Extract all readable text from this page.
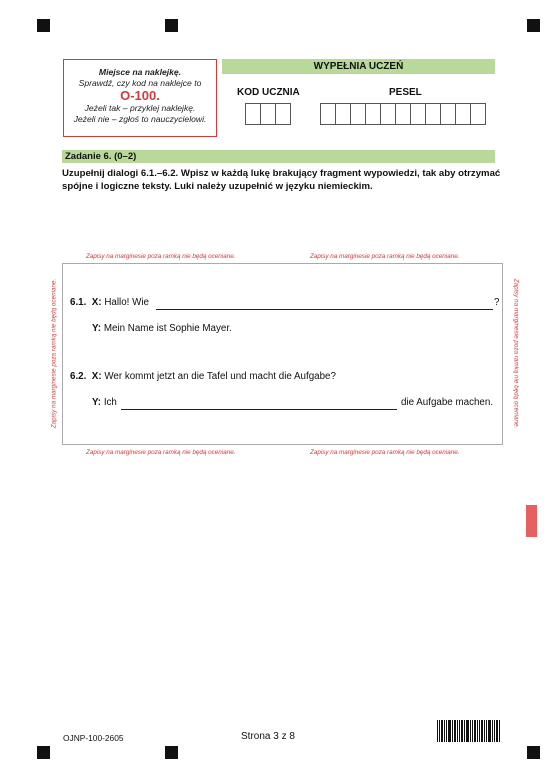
Miejsce na naklejkę.
Sprawdź, czy kod na naklejce to
O-100.
Jeżeli tak – przyklej naklejkę.
Jeżeli nie – zgłoś to nauczycielowi.
WYPEŁNIA UCZEŃ
KOD UCZNIA	PESEL
Zadanie 6. (0–2)
Uzupełnij dialogi 6.1.–6.2. Wpisz w każdą lukę brakujący fragment wypowiedzi, tak aby otrzymać spójne i logiczne teksty. Luki należy uzupełnić w języku niemieckim.
Zapisy na marginesie poza ramką nie będą oceniane.	Zapisy na marginesie poza ramką nie będą oceniane.
Zapisy na marginesie poza ramką nie będą oceniane.	Zapisy na marginesie poza ramką nie będą oceniane.
Zapisy na marginesie poza ramką nie będą oceniane.	Zapisy na marginesie poza ramką nie będą oceniane.
6.1. X: Hallo! Wie	?
Y: Mein Name ist Sophie Mayer.
6.2. X: Wer kommt jetzt an die Tafel und macht die Aufgabe?
Y: Ich	die Aufgabe machen.
OJNP-100-2605	Strona 3 z 8
